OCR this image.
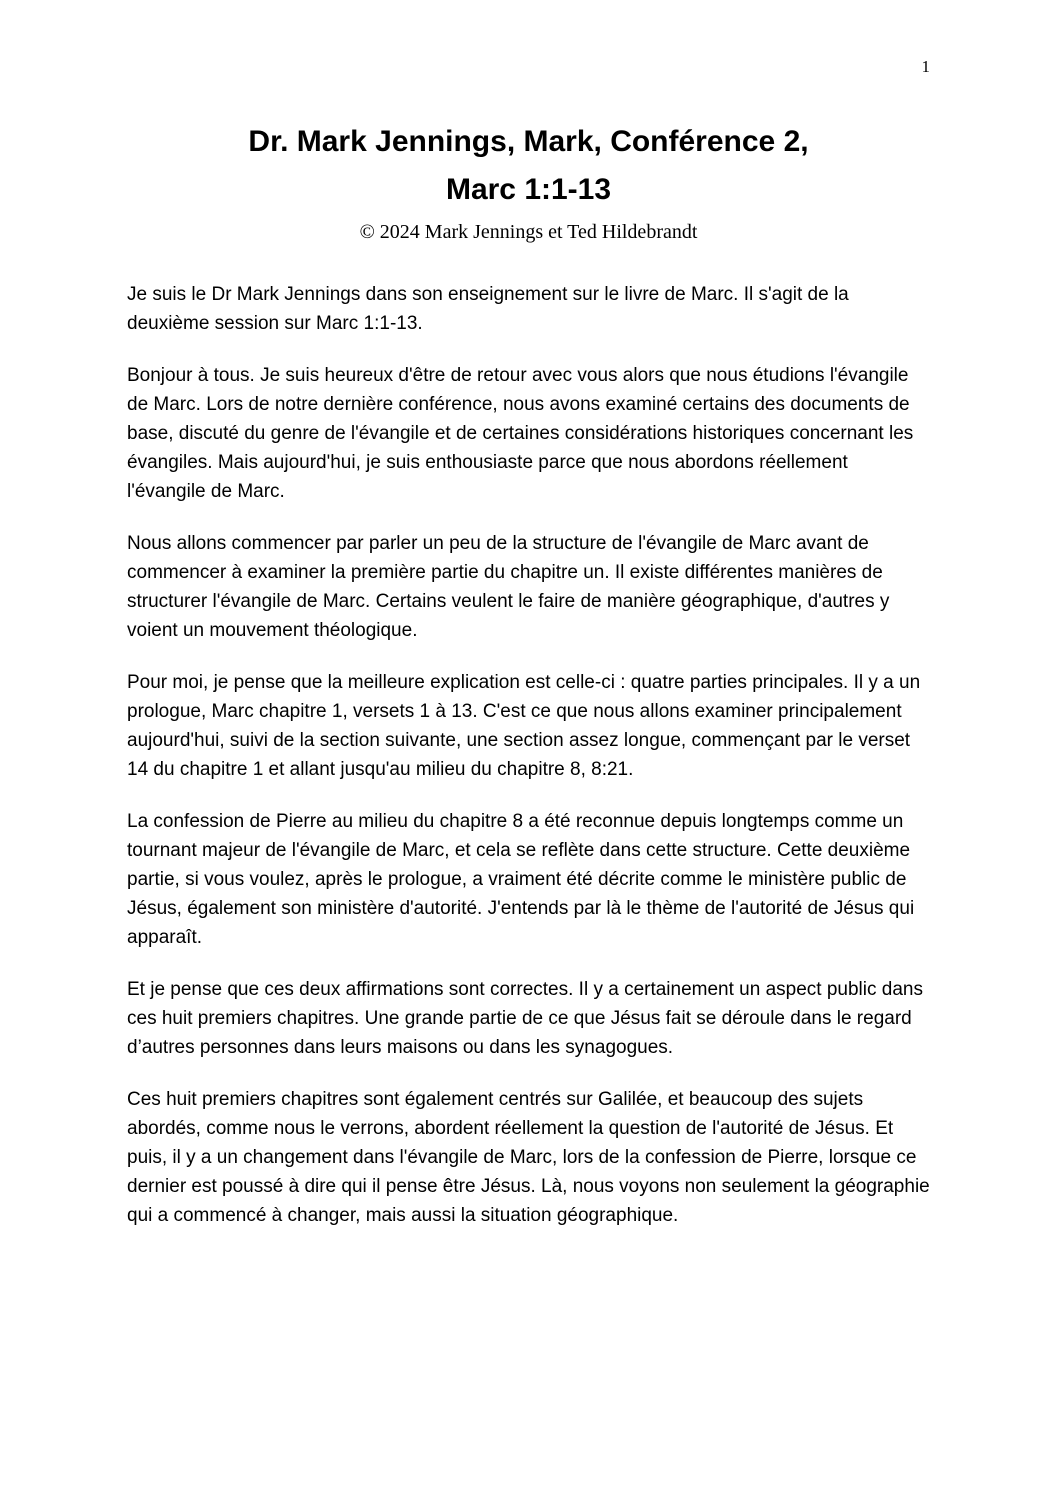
1
Dr. Mark Jennings, Mark, Conférence 2,
Marc 1:1-13
© 2024 Mark Jennings et Ted Hildebrandt

Je suis le Dr Mark Jennings dans son enseignement sur le livre de Marc. Il s'agit de la deuxième session sur Marc 1:1-13.

Bonjour à tous. Je suis heureux d'être de retour avec vous alors que nous étudions l'évangile de Marc. Lors de notre dernière conférence, nous avons examiné certains des documents de base, discuté du genre de l'évangile et de certaines considérations historiques concernant les évangiles. Mais aujourd'hui, je suis enthousiaste parce que nous abordons réellement l'évangile de Marc.

Nous allons commencer par parler un peu de la structure de l'évangile de Marc avant de commencer à examiner la première partie du chapitre un. Il existe différentes manières de structurer l'évangile de Marc. Certains veulent le faire de manière géographique, d'autres y voient un mouvement théologique.

Pour moi, je pense que la meilleure explication est celle-ci : quatre parties principales. Il y a un prologue, Marc chapitre 1, versets 1 à 13. C'est ce que nous allons examiner principalement aujourd'hui, suivi de la section suivante, une section assez longue, commençant par le verset 14 du chapitre 1 et allant jusqu'au milieu du chapitre 8, 8:21.

La confession de Pierre au milieu du chapitre 8 a été reconnue depuis longtemps comme un tournant majeur de l'évangile de Marc, et cela se reflète dans cette structure. Cette deuxième partie, si vous voulez, après le prologue, a vraiment été décrite comme le ministère public de Jésus, également son ministère d'autorité. J'entends par là le thème de l'autorité de Jésus qui apparaît.

Et je pense que ces deux affirmations sont correctes. Il y a certainement un aspect public dans ces huit premiers chapitres. Une grande partie de ce que Jésus fait se déroule dans le regard d’autres personnes dans leurs maisons ou dans les synagogues.

Ces huit premiers chapitres sont également centrés sur Galilée, et beaucoup des sujets abordés, comme nous le verrons, abordent réellement la question de l'autorité de Jésus. Et puis, il y a un changement dans l'évangile de Marc, lors de la confession de Pierre, lorsque ce dernier est poussé à dire qui il pense être Jésus. Là, nous voyons non seulement la géographie qui a commencé à changer, mais aussi la situation géographique.
